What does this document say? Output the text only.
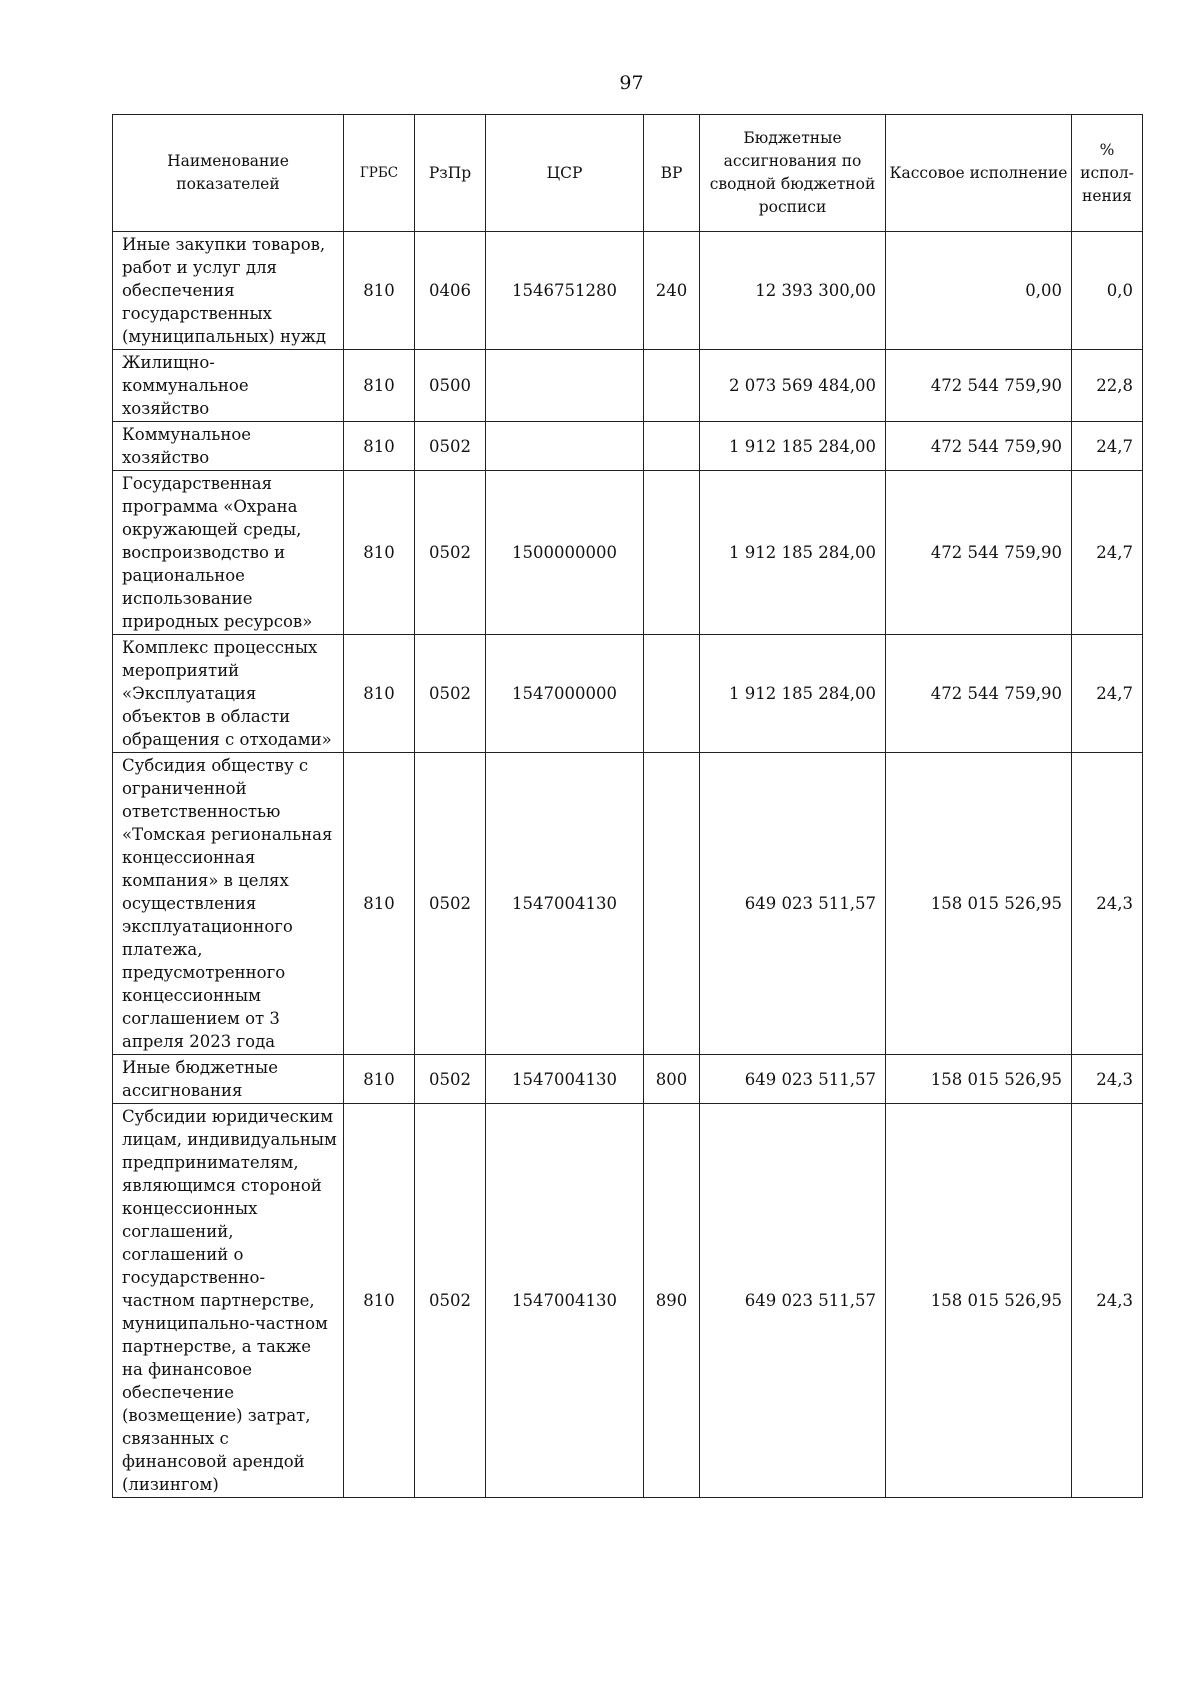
97
Наименование показателей	ГРБС	РзПр	ЦСР	ВР	Бюджетные ассигнования по сводной бюджетной росписи	Кассовое исполнение	% испол-нения
Иные закупки товаров, работ и услуг для обеспечения государственных (муниципальных) нужд	810	0406	1546751280	240	12 393 300,00	0,00	0,0
Жилищно-коммунальное хозяйство	810	0500			2 073 569 484,00	472 544 759,90	22,8
Коммунальное хозяйство	810	0502			1 912 185 284,00	472 544 759,90	24,7
Государственная программа «Охрана окружающей среды, воспроизводство и рациональное использование природных ресурсов»	810	0502	1500000000		1 912 185 284,00	472 544 759,90	24,7
Комплекс процессных мероприятий «Эксплуатация объектов в области обращения с отходами»	810	0502	1547000000		1 912 185 284,00	472 544 759,90	24,7
Субсидия обществу с ограниченной ответственностью «Томская региональная концессионная компания» в целях осуществления эксплуатационного платежа, предусмотренного концессионным соглашением от 3 апреля 2023 года	810	0502	1547004130		649 023 511,57	158 015 526,95	24,3
Иные бюджетные ассигнования	810	0502	1547004130	800	649 023 511,57	158 015 526,95	24,3
Субсидии юридическим лицам, индивидуальным предпринимателям, являющимся стороной концессионных соглашений, соглашений о государственно-частном партнерстве, муниципально-частном партнерстве, а также на финансовое обеспечение (возмещение) затрат, связанных с финансовой арендой (лизингом)	810	0502	1547004130	890	649 023 511,57	158 015 526,95	24,3
